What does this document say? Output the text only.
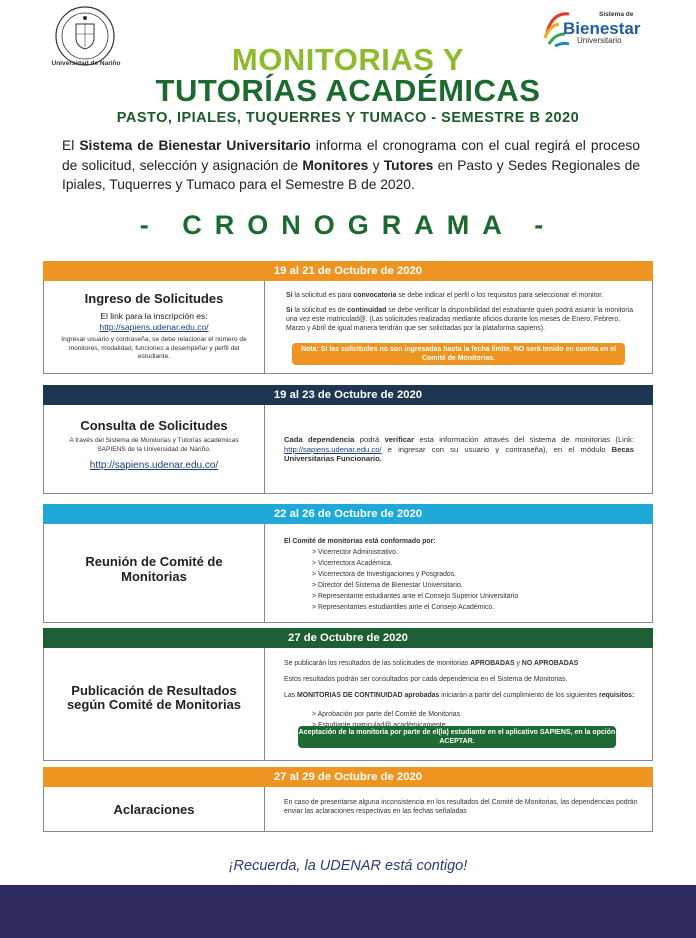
Universidad de Nariño
Sistema de
Bienestar
Universitario
MONITORIAS Y
TUTORÍAS ACADÉMICAS
PASTO, IPIALES, TUQUERRES Y TUMACO - SEMESTRE B 2020
El Sistema de Bienestar Universitario informa el cronograma con el cual regirá el proceso de solicitud, selección y asignación de Monitores y Tutores en Pasto y Sedes Regionales de Ipiales, Tuquerres y Tumaco para el Semestre B de 2020.
- CRONOGRAMA -
19 al 21 de Octubre de 2020
Ingreso de Solicitudes
El link para la inscripción es:
http://sapiens.udenar.edu.co/
Ingresar usuario y contraseña, se debe relacionar el número de monitores, modalidad, funciones a desempeñar y perfil del estudiante.
Si la solicitud es para convocatoria se debe indicar el perfil o los requisitos para seleccionar el monitor.
Si la solicitud es de continuidad se debe verificar la disponibilidad del estudiante quien podrá asumir la monitoria una vez este matriculad@. (Las solicitudes realizadas mediante oficios durante los meses de Enero, Febrero, Marzo y Abril de igual manera tendrán que ser solicitadas por la plataforma sapiens).
Nota: Si las solicitudes no son ingresadas hasta la fecha límite, NO será tenido en cuenta en el Comité de Monitorias.
19 al 23 de Octubre de 2020
Consulta de Solicitudes
A través del Sistema de Monitorias y Tutorías académicas SAPIENS de la Universidad de Nariño.
http://sapiens.udenar.edu.co/
Cada dependencia podrá verificar esta información através del sistema de monitorias (Link: http://sapiens.udenar.edu.co/ e ingresar con su usuario y contraseña), en el módulo Becas Universitarias Funcionario.
22 al 26 de Octubre de 2020
Reunión de Comité de Monitorias
El Comité de monitorias está conformado por:
> Vicerrector Administrativo.
> Vicerrectora Académica.
> Vicerrectora de Investigaciones y Posgrados.
> Director del Sistema de Bienestar Universitario.
> Representante estudiantes ante el Consejo Superior Universitario
> Representantes estudiantiles ante el Consejo Académico.
27 de Octubre de 2020
Publicación de Resultados según Comité de Monitorias
Se publicarán los resultados de las solicitudes de monitorias APROBADAS y NO APROBADAS
Estos resultados podrán ser consultados por cada dependencia en el Sistema de Monitorias.
Las MONITORIAS DE CONTINUIDAD aprobadas iniciarán a partir del cumplimiento de los siguientes requisitos:
> Aprobación por parte del Comité de Monitorias
>
Aceptación de la monitoria por parte de el(la) estudiante en el aplicativo SAPIENS, en la opción ACEPTAR.
27 al 29 de Octubre de 2020
Aclaraciones	En caso de presentarse alguna inconsistencia en los resultados del Comité de Monitorias, las dependencias podrán enviar las aclaraciones respectivas en las fechas señaladas
¡Recuerda, la UDENAR está contigo!
